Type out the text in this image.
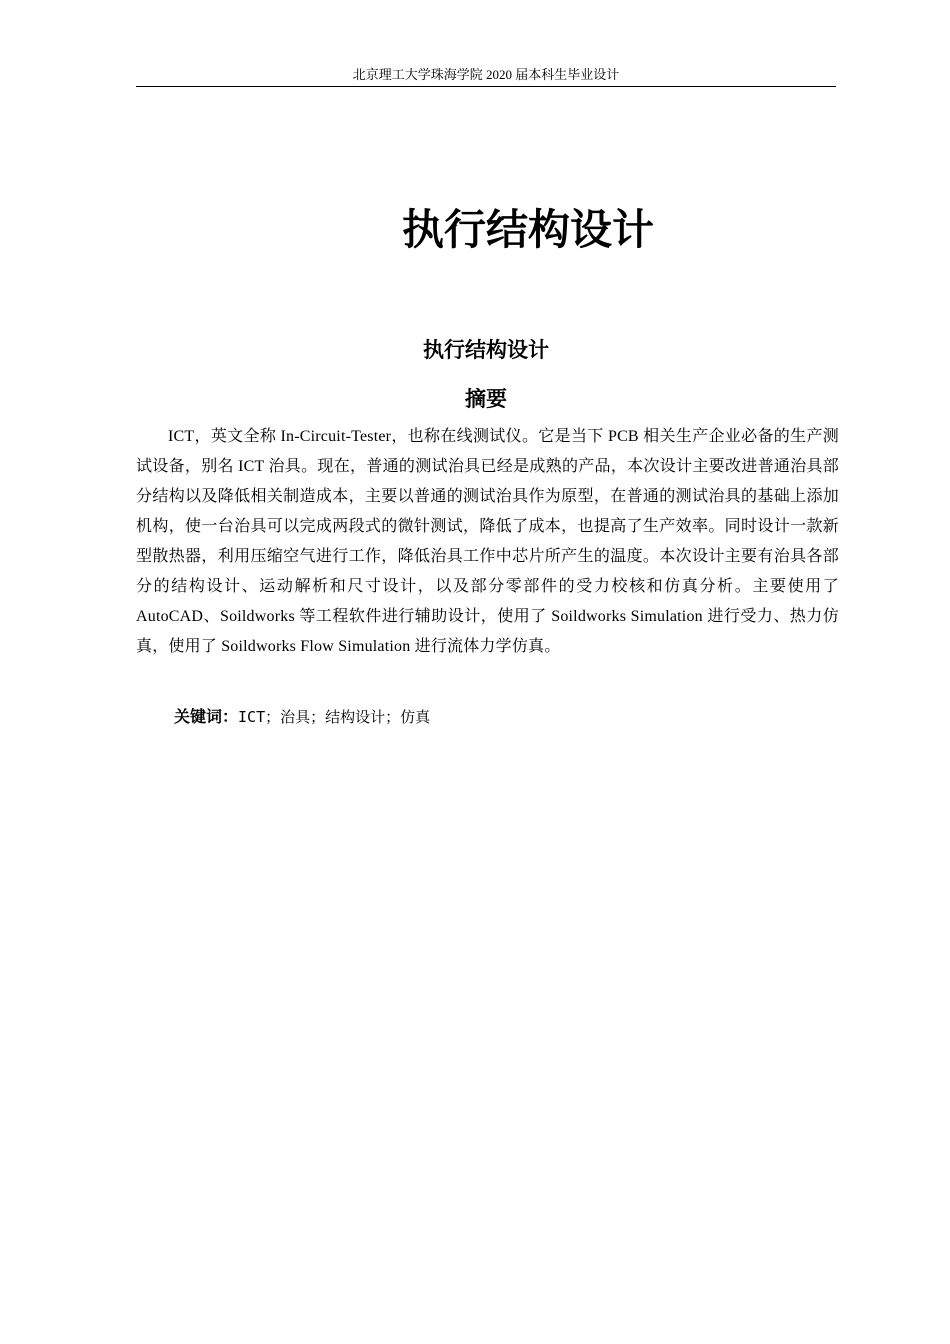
北京理工大学珠海学院 2020 届本科生毕业设计
执行结构设计
执行结构设计
摘要
ICT，英文全称 In-Circuit-Tester，也称在线测试仪。它是当下 PCB 相关生产企业必备的生产测试设备，别名 ICT 治具。现在，普通的测试治具已经是成熟的产品，本次设计主要改进普通治具部分结构以及降低相关制造成本，主要以普通的测试治具作为原型，在普通的测试治具的基础上添加机构，使一台治具可以完成两段式的微针测试，降低了成本，也提高了生产效率。同时设计一款新型散热器，利用压缩空气进行工作，降低治具工作中芯片所产生的温度。本次设计主要有治具各部分的结构设计、运动解析和尺寸设计，以及部分零部件的受力校核和仿真分析。主要使用了 AutoCAD、Soildworks 等工程软件进行辅助设计，使用了 Soildworks Simulation 进行受力、热力仿真，使用了 Soildworks Flow Simulation 进行流体力学仿真。
关键词：ICT；治具；结构设计；仿真
